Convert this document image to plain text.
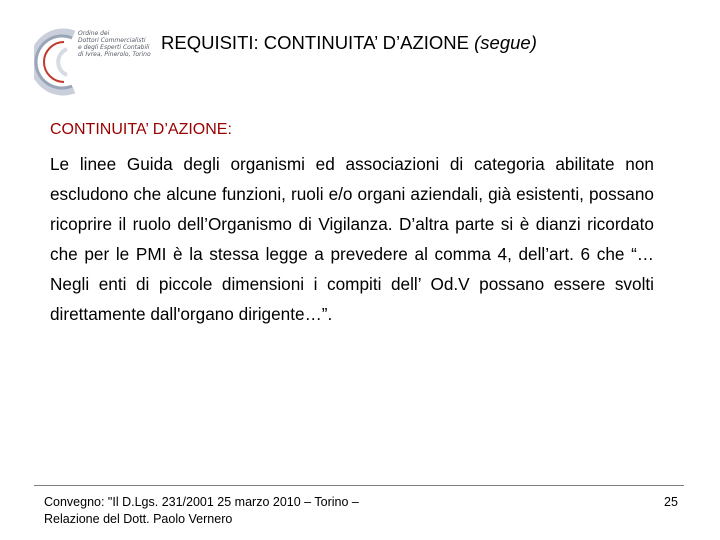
Ordine dei
Dottori Commercialisti
e degli Esperti Contabili
di Ivrea, Pinerolo, Torino
REQUISITI: CONTINUITA’ D’AZIONE (segue)
CONTINUITA’ D’AZIONE:
Le linee Guida degli organismi ed associazioni di categoria abilitate non escludono che alcune funzioni, ruoli e/o organi aziendali, già esistenti, possano ricoprire il ruolo dell’Organismo di Vigilanza. D’altra parte si è dianzi ricordato che per le PMI è la stessa legge a prevedere al comma 4, dell’art. 6 che “… Negli enti di piccole dimensioni i compiti dell’ Od.V possano essere svolti direttamente dall'organo dirigente…”.
Convegno: "Il D.Lgs. 231/2001 25 marzo 2010 – Torino –
Relazione del Dott. Paolo Vernero
25
